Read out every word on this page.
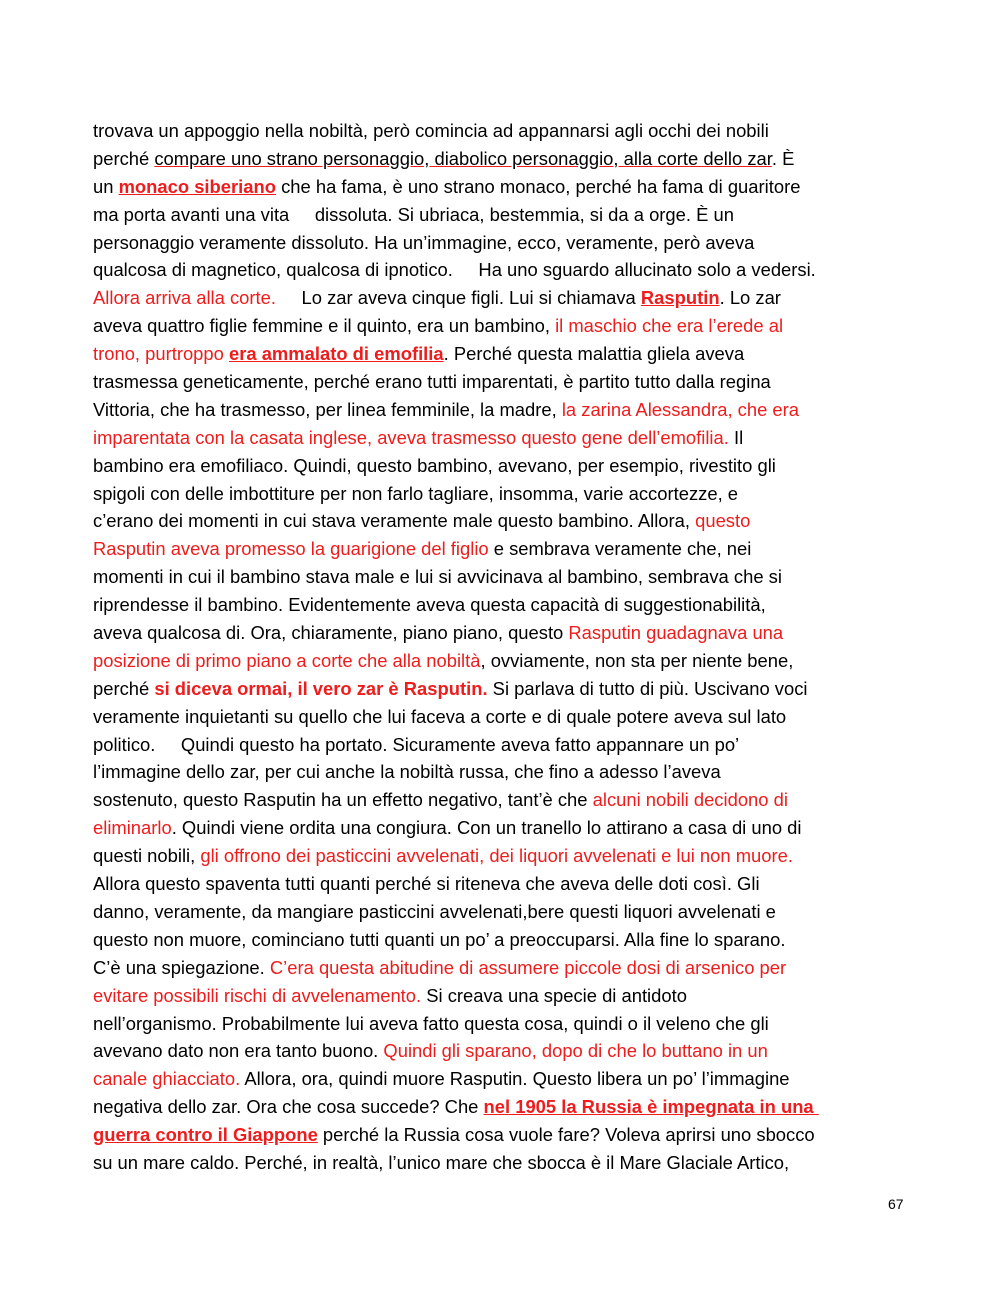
trovava un appoggio nella nobiltà, però comincia ad appannarsi agli occhi dei nobili
perché compare uno strano personaggio, diabolico personaggio, alla corte dello zar. È
un monaco siberiano che ha fama, è uno strano monaco, perché ha fama di guaritore
ma porta avanti una vita     dissoluta. Si ubriaca, bestemmia, si da a orge. È un
personaggio veramente dissoluto. Ha un’immagine, ecco, veramente, però aveva
qualcosa di magnetico, qualcosa di ipnotico.     Ha uno sguardo allucinato solo a vedersi.
Allora arriva alla corte.     Lo zar aveva cinque figli. Lui si chiamava Rasputin. Lo zar
aveva quattro figlie femmine e il quinto, era un bambino, il maschio che era l’erede al
trono, purtroppo era ammalato di emofilia. Perché questa malattia gliela aveva
trasmessa geneticamente, perché erano tutti imparentati, è partito tutto dalla regina
Vittoria, che ha trasmesso, per linea femminile, la madre, la zarina Alessandra, che era
imparentata con la casata inglese, aveva trasmesso questo gene dell’emofilia. Il
bambino era emofiliaco. Quindi, questo bambino, avevano, per esempio, rivestito gli
spigoli con delle imbottiture per non farlo tagliare, insomma, varie accortezze, e
c’erano dei momenti in cui stava veramente male questo bambino. Allora, questo
Rasputin aveva promesso la guarigione del figlio e sembrava veramente che, nei
momenti in cui il bambino stava male e lui si avvicinava al bambino, sembrava che si
riprendesse il bambino. Evidentemente aveva questa capacità di suggestionabilità,
aveva qualcosa di. Ora, chiaramente, piano piano, questo Rasputin guadagnava una
posizione di primo piano a corte che alla nobiltà, ovviamente, non sta per niente bene,
perché si diceva ormai, il vero zar è Rasputin. Si parlava di tutto di più. Uscivano voci
veramente inquietanti su quello che lui faceva a corte e di quale potere aveva sul lato
politico.     Quindi questo ha portato. Sicuramente aveva fatto appannare un po’
l’immagine dello zar, per cui anche la nobiltà russa, che fino a adesso l’aveva
sostenuto, questo Rasputin ha un effetto negativo, tant’è che alcuni nobili decidono di
eliminarlo. Quindi viene ordita una congiura. Con un tranello lo attirano a casa di uno di
questi nobili, gli offrono dei pasticcini avvelenati, dei liquori avvelenati e lui non muore.
Allora questo spaventa tutti quanti perché si riteneva che aveva delle doti così. Gli
danno, veramente, da mangiare pasticcini avvelenati,bere questi liquori avvelenati e
questo non muore, cominciano tutti quanti un po’ a preoccuparsi. Alla fine lo sparano.
C’è una spiegazione. C’era questa abitudine di assumere piccole dosi di arsenico per
evitare possibili rischi di avvelenamento. Si creava una specie di antidoto
nell’organismo. Probabilmente lui aveva fatto questa cosa, quindi o il veleno che gli
avevano dato non era tanto buono. Quindi gli sparano, dopo di che lo buttano in un
canale ghiacciato. Allora, ora, quindi muore Rasputin. Questo libera un po’ l’immagine
negativa dello zar. Ora che cosa succede? Che nel 1905 la Russia è impegnata in una
guerra contro il Giappone perché la Russia cosa vuole fare? Voleva aprirsi uno sbocco
su un mare caldo. Perché, in realtà, l’unico mare che sbocca è il Mare Glaciale Artico,
67
